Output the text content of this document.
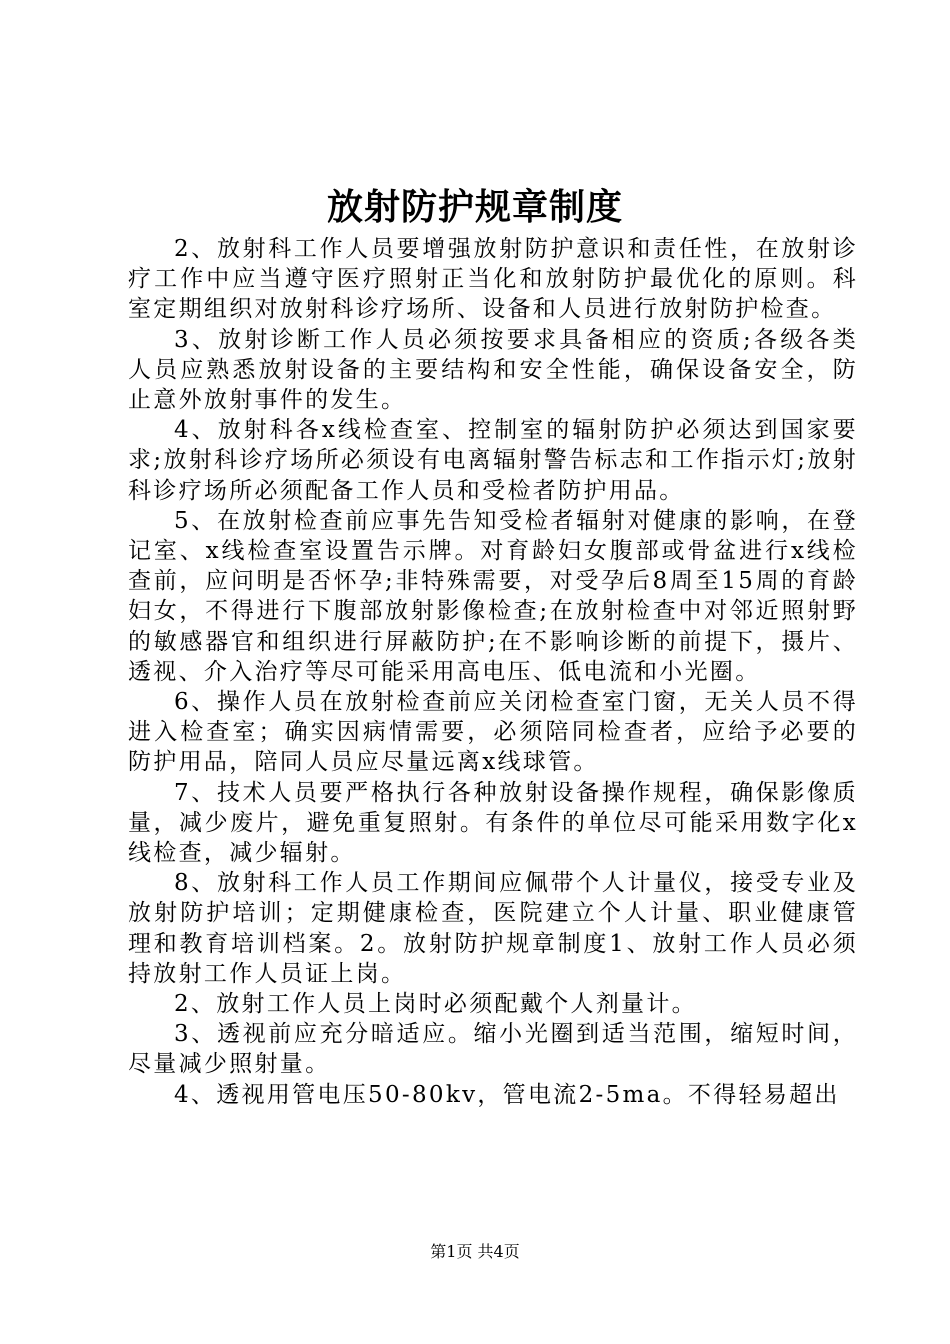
放射防护规章制度

2、放射科工作人员要增强放射防护意识和责任性，在放射诊疗工作中应当遵守医疗照射正当化和放射防护最优化的原则。科室定期组织对放射科诊疗场所、设备和人员进行放射防护检查。

3、放射诊断工作人员必须按要求具备相应的资质;各级各类人员应熟悉放射设备的主要结构和安全性能，确保设备安全，防止意外放射事件的发生。

4、放射科各x线检查室、控制室的辐射防护必须达到国家要求;放射科诊疗场所必须设有电离辐射警告标志和工作指示灯;放射科诊疗场所必须配备工作人员和受检者防护用品。

5、在放射检查前应事先告知受检者辐射对健康的影响，在登记室、x线检查室设置告示牌。对育龄妇女腹部或骨盆进行x线检查前，应问明是否怀孕;非特殊需要，对受孕后8周至15周的育龄妇女，不得进行下腹部放射影像检查;在放射检查中对邻近照射野的敏感器官和组织进行屏蔽防护;在不影响诊断的前提下，摄片、透视、介入治疗等尽可能采用高电压、低电流和小光圈。

6、操作人员在放射检查前应关闭检查室门窗，无关人员不得进入检查室；确实因病情需要，必须陪同检查者，应给予必要的防护用品，陪同人员应尽量远离x线球管。

7、技术人员要严格执行各种放射设备操作规程，确保影像质量，减少废片，避免重复照射。有条件的单位尽可能采用数字化x线检查，减少辐射。

8、放射科工作人员工作期间应佩带个人计量仪，接受专业及放射防护培训；定期健康检查，医院建立个人计量、职业健康管理和教育培训档案。2。放射防护规章制度1、放射工作人员必须持放射工作人员证上岗。

2、放射工作人员上岗时必须配戴个人剂量计。

3、透视前应充分暗适应。缩小光圈到适当范围，缩短时间，尽量减少照射量。

4、透视用管电压50-80kv，管电流2-5ma。不得轻易超出

第1页 共4页
